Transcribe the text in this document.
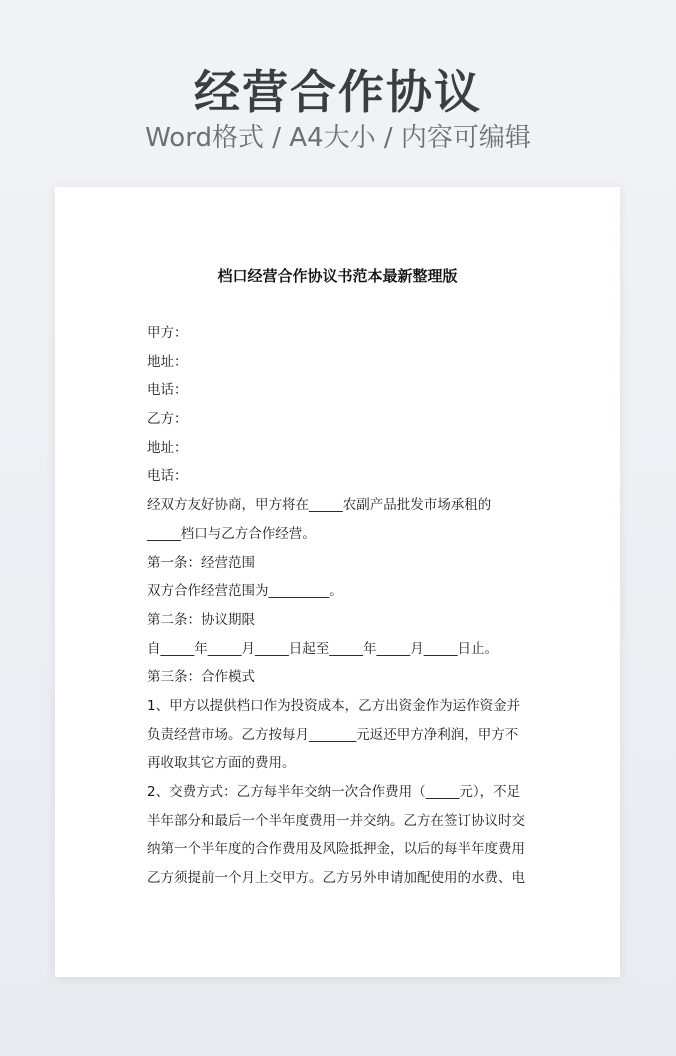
经营合作协议
Word格式 / A4大小 / 内容可编辑
档口经营合作协议书范本最新整理版
甲方：
地址：
电话：
乙方：
地址：
电话：
经双方友好协商，甲方将在_____农副产品批发市场承租的
_____档口与乙方合作经营。
第一条：经营范围
双方合作经营范围为_________。
第二条：协议期限
自_____年_____月_____日起至_____年_____月_____日止。
第三条：合作模式
1、甲方以提供档口作为投资成本，乙方出资金作为运作资金并
负责经营市场。乙方按每月_______元返还甲方净利润，甲方不
再收取其它方面的费用。
2、交费方式：乙方每半年交纳一次合作费用（_____元），不足
半年部分和最后一个半年度费用一并交纳。乙方在签订协议时交
纳第一个半年度的合作费用及风险抵押金，以后的每半年度费用
乙方须提前一个月上交甲方。乙方另外申请加配使用的水费、电
